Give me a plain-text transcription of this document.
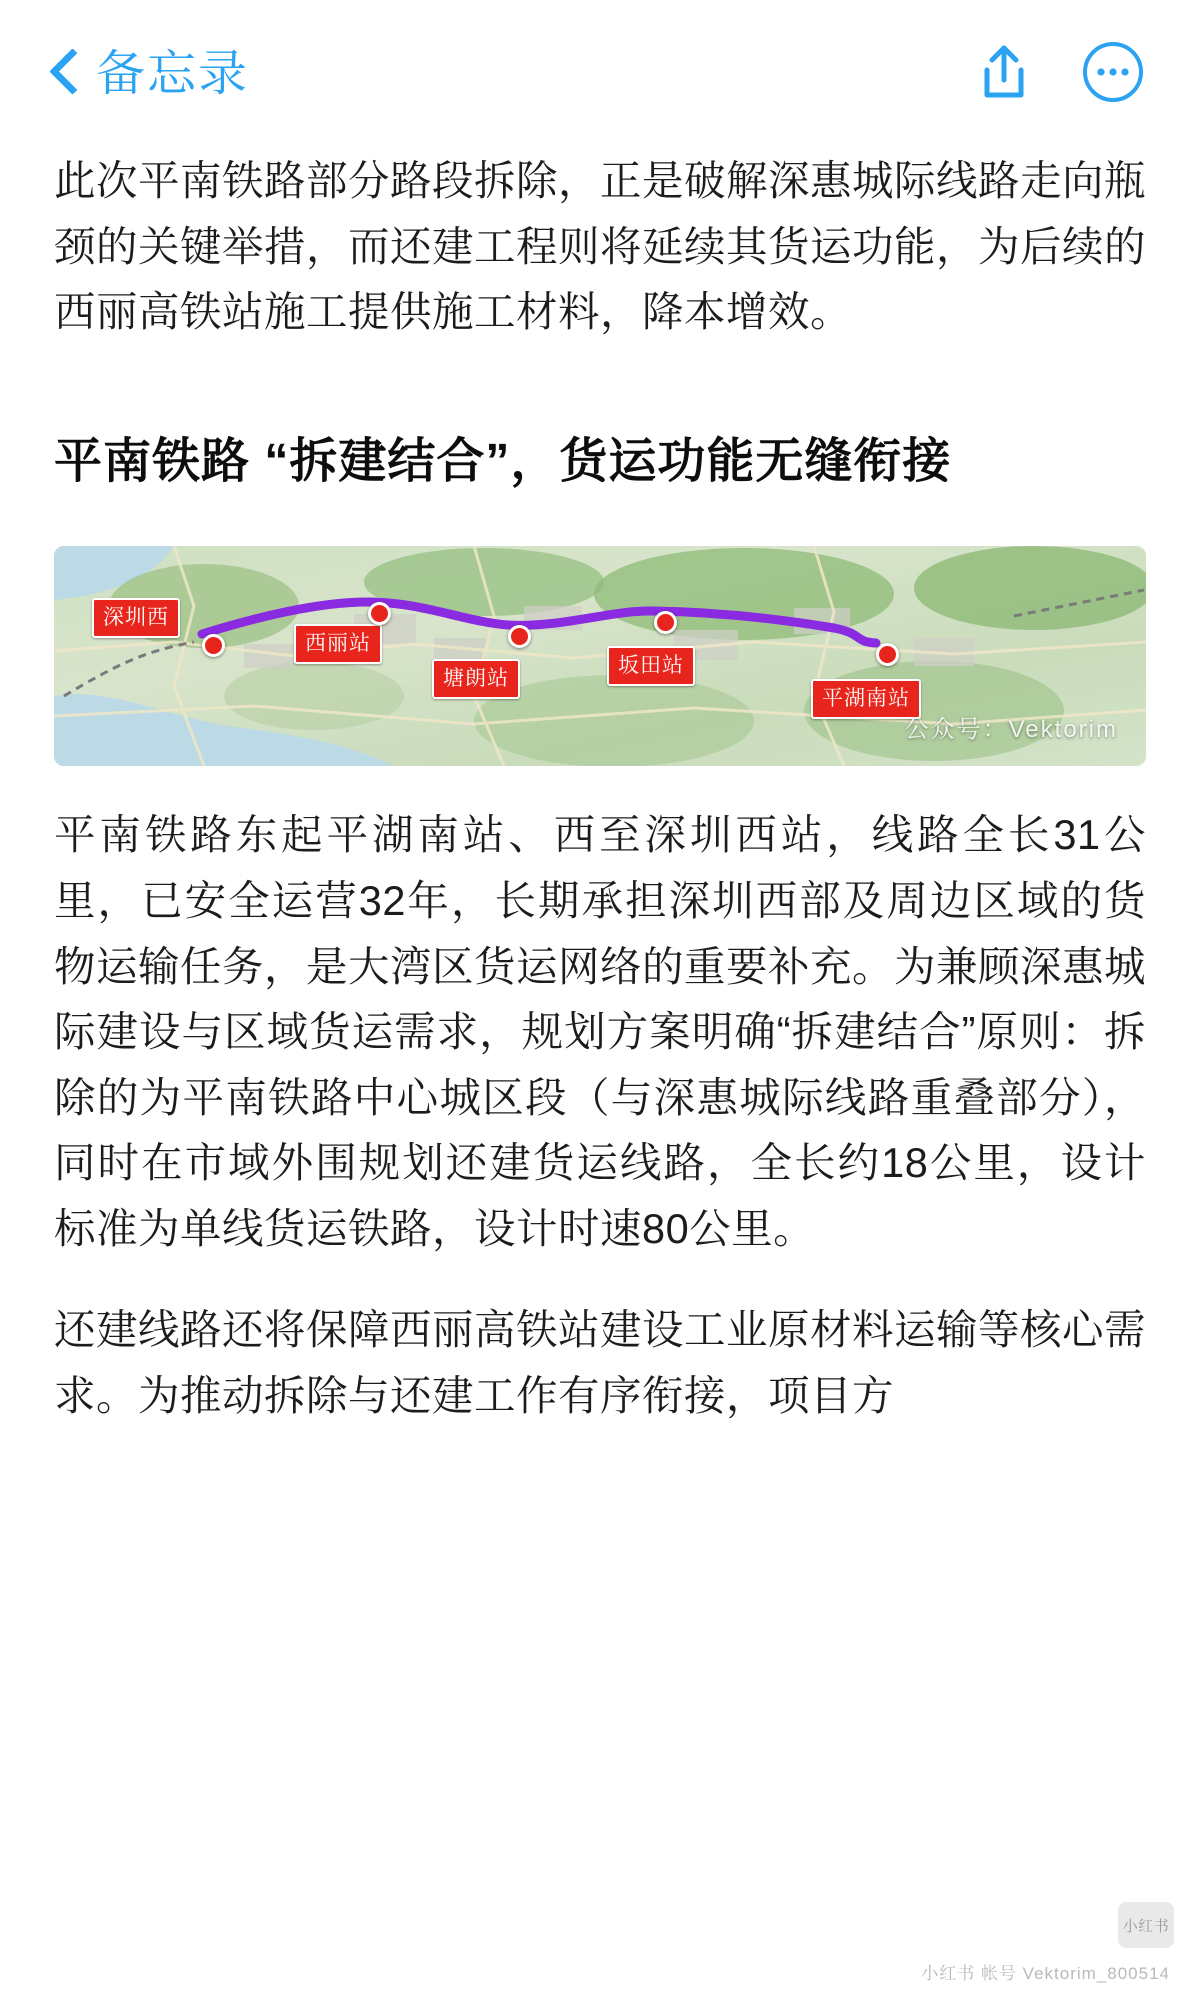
备忘录

此次平南铁路部分路段拆除，正是破解深惠城际线路走向瓶颈的关键举措，而还建工程则将延续其货运功能，为后续的西丽高铁站施工提供施工材料，降本增效。

平南铁路 “拆建结合”，货运功能无缝衔接
深圳西
西丽站
塘朗站
坂田站
平湖南站
公众号：Vektorim

平南铁路东起平湖南站、西至深圳西站，线路全长31公里，已安全运营32年，长期承担深圳西部及周边区域的货物运输任务，是大湾区货运网络的重要补充。为兼顾深惠城际建设与区域货运需求，规划方案明确“拆建结合”原则：拆除的为平南铁路中心城区段（与深惠城际线路重叠部分），同时在市域外围规划还建货运线路，全长约18公里，设计标准为单线货运铁路，设计时速80公里。

还建线路还将保障西丽高铁站建设工业原材料运输等核心需求。为推动拆除与还建工作有序衔接，项目方

小红书
小红书 帐号 Vektorim_800514
